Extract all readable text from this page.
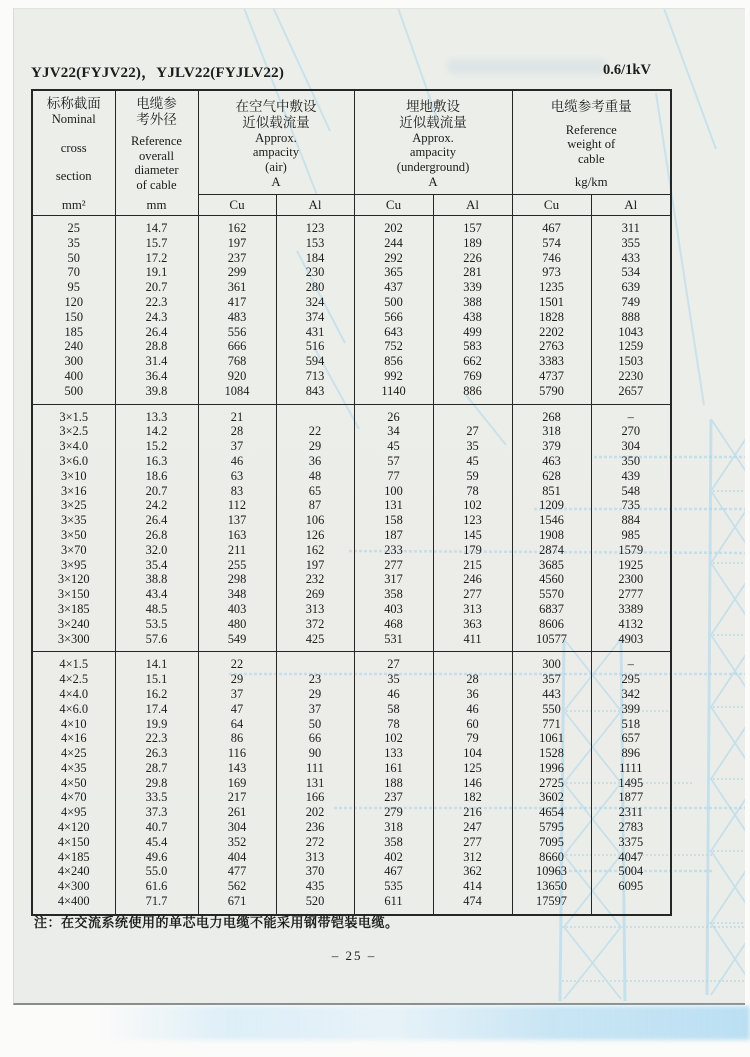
YJV22(FYJV22)，YJLV22(FYJLV22)	0.6/1kV
标称截面
Nominal
cross
section
mm²

电缆参
考外径
Reference
overall
diameter
of cable
mm

在空气中敷设
近似载流量
Approx.
ampacity
(air)
A

埋地敷设
近似载流量
Approx.
ampacity
(underground)
A

电缆参考重量
Reference
weight of
cable
kg/km

		Cu	Al	Cu	Al	Cu	Al
25	14.7	162	123	202	157	467	311
35	15.7	197	153	244	189	574	355
50	17.2	237	184	292	226	746	433
70	19.1	299	230	365	281	973	534
95	20.7	361	280	437	339	1235	639
120	22.3	417	324	500	388	1501	749
150	24.3	483	374	566	438	1828	888
185	26.4	556	431	643	499	2202	1043
240	28.8	666	516	752	583	2763	1259
300	31.4	768	594	856	662	3383	1503
400	36.4	920	713	992	769	4737	2230
500	39.8	1084	843	1140	886	5790	2657
3×1.5	13.3	21		26		268	–
3×2.5	14.2	28	22	34	27	318	270
3×4.0	15.2	37	29	45	35	379	304
3×6.0	16.3	46	36	57	45	463	350
3×10	18.6	63	48	77	59	628	439
3×16	20.7	83	65	100	78	851	548
3×25	24.2	112	87	131	102	1209	735
3×35	26.4	137	106	158	123	1546	884
3×50	26.8	163	126	187	145	1908	985
3×70	32.0	211	162	233	179	2874	1579
3×95	35.4	255	197	277	215	3685	1925
3×120	38.8	298	232	317	246	4560	2300
3×150	43.4	348	269	358	277	5570	2777
3×185	48.5	403	313	403	313	6837	3389
3×240	53.5	480	372	468	363	8606	4132
3×300	57.6	549	425	531	411	10577	4903
4×1.5	14.1	22		27		300	–
4×2.5	15.1	29	23	35	28	357	295
4×4.0	16.2	37	29	46	36	443	342
4×6.0	17.4	47	37	58	46	550	399
4×10	19.9	64	50	78	60	771	518
4×16	22.3	86	66	102	79	1061	657
4×25	26.3	116	90	133	104	1528	896
4×35	28.7	143	111	161	125	1996	1111
4×50	29.8	169	131	188	146	2725	1495
4×70	33.5	217	166	237	182	3602	1877
4×95	37.3	261	202	279	216	4654	2311
4×120	40.7	304	236	318	247	5795	2783
4×150	45.4	352	272	358	277	7095	3375
4×185	49.6	404	313	402	312	8660	4047
4×240	55.0	477	370	467	362	10963	5004
4×300	61.6	562	435	535	414	13650	6095
4×400	71.7	671	520	611	474	17597	
注：在交流系统使用的单芯电力电缆不能采用钢带铠装电缆。
– 25 –
